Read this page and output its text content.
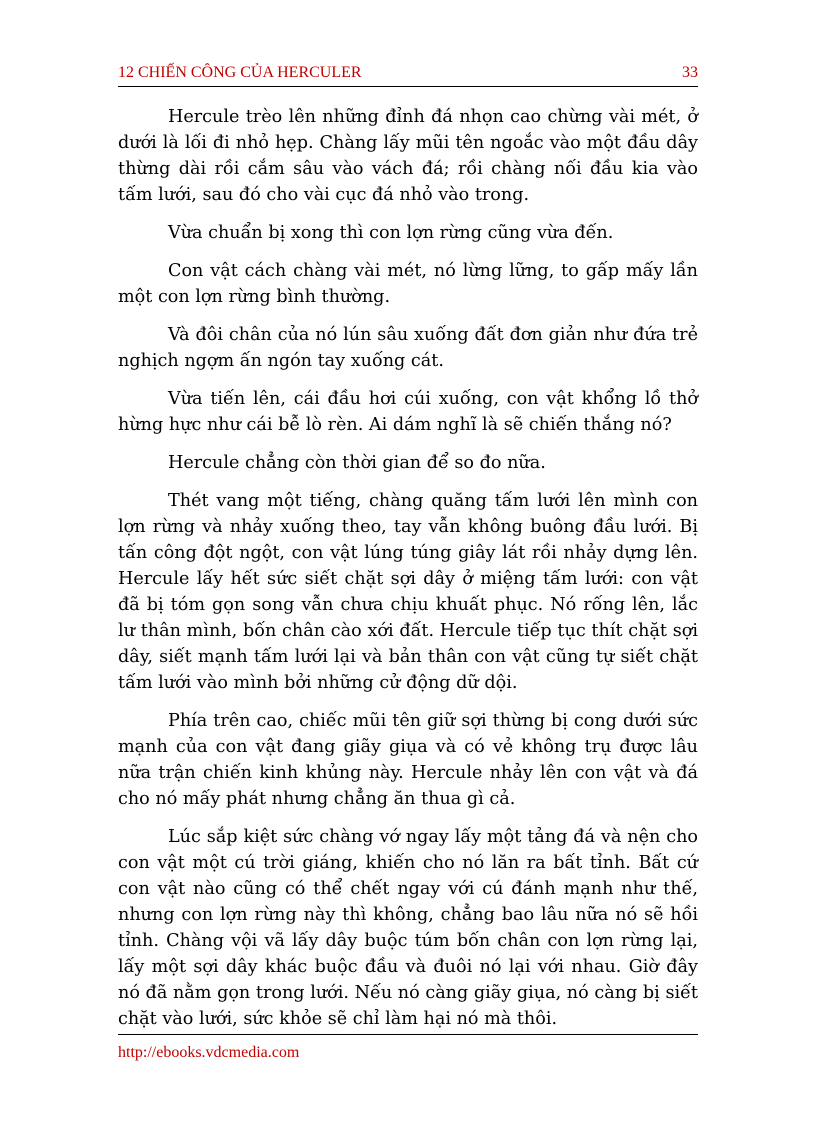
12 CHIẾN CÔNG CỦA HERCULER	33

Hercule trèo lên những đỉnh đá nhọn cao chừng vài mét, ở dưới là lối đi nhỏ hẹp. Chàng lấy mũi tên ngoắc vào một đầu dây thừng dài rồi cắm sâu vào vách đá; rồi chàng nối đầu kia vào tấm lưới, sau đó cho vài cục đá nhỏ vào trong.

Vừa chuẩn bị xong thì con lợn rừng cũng vừa đến.

Con vật cách chàng vài mét, nó lừng lững, to gấp mấy lần một con lợn rừng bình thường.

Và đôi chân của nó lún sâu xuống đất đơn giản như đứa trẻ nghịch ngợm ấn ngón tay xuống cát.

Vừa tiến lên, cái đầu hơi cúi xuống, con vật khổng lồ thở hừng hực như cái bễ lò rèn. Ai dám nghĩ là sẽ chiến thắng nó?

Hercule chẳng còn thời gian để so đo nữa.

Thét vang một tiếng, chàng quăng tấm lưới lên mình con lợn rừng và nhảy xuống theo, tay vẫn không buông đầu lưới. Bị tấn công đột ngột, con vật lúng túng giây lát rồi nhảy dựng lên. Hercule lấy hết sức siết chặt sợi dây ở miệng tấm lưới: con vật đã bị tóm gọn song vẫn chưa chịu khuất phục. Nó rống lên, lắc lư thân mình, bốn chân cào xới đất. Hercule tiếp tục thít chặt sợi dây, siết mạnh tấm lưới lại và bản thân con vật cũng tự siết chặt tấm lưới vào mình bởi những cử động dữ dội.

Phía trên cao, chiếc mũi tên giữ sợi thừng bị cong dưới sức mạnh của con vật đang giãy giụa và có vẻ không trụ được lâu nữa trận chiến kinh khủng này. Hercule nhảy lên con vật và đá cho nó mấy phát nhưng chẳng ăn thua gì cả.

Lúc sắp kiệt sức chàng vớ ngay lấy một tảng đá và nện cho con vật một cú trời giáng, khiến cho nó lăn ra bất tỉnh. Bất cứ con vật nào cũng có thể chết ngay với cú đánh mạnh như thế, nhưng con lợn rừng này thì không, chẳng bao lâu nữa nó sẽ hồi tỉnh. Chàng vội vã lấy dây buộc túm bốn chân con lợn rừng lại, lấy một sợi dây khác buộc đầu và đuôi nó lại với nhau. Giờ đây nó đã nằm gọn trong lưới. Nếu nó càng giãy giụa, nó càng bị siết chặt vào lưới, sức khỏe sẽ chỉ làm hại nó mà thôi.

http://ebooks.vdcmedia.com
